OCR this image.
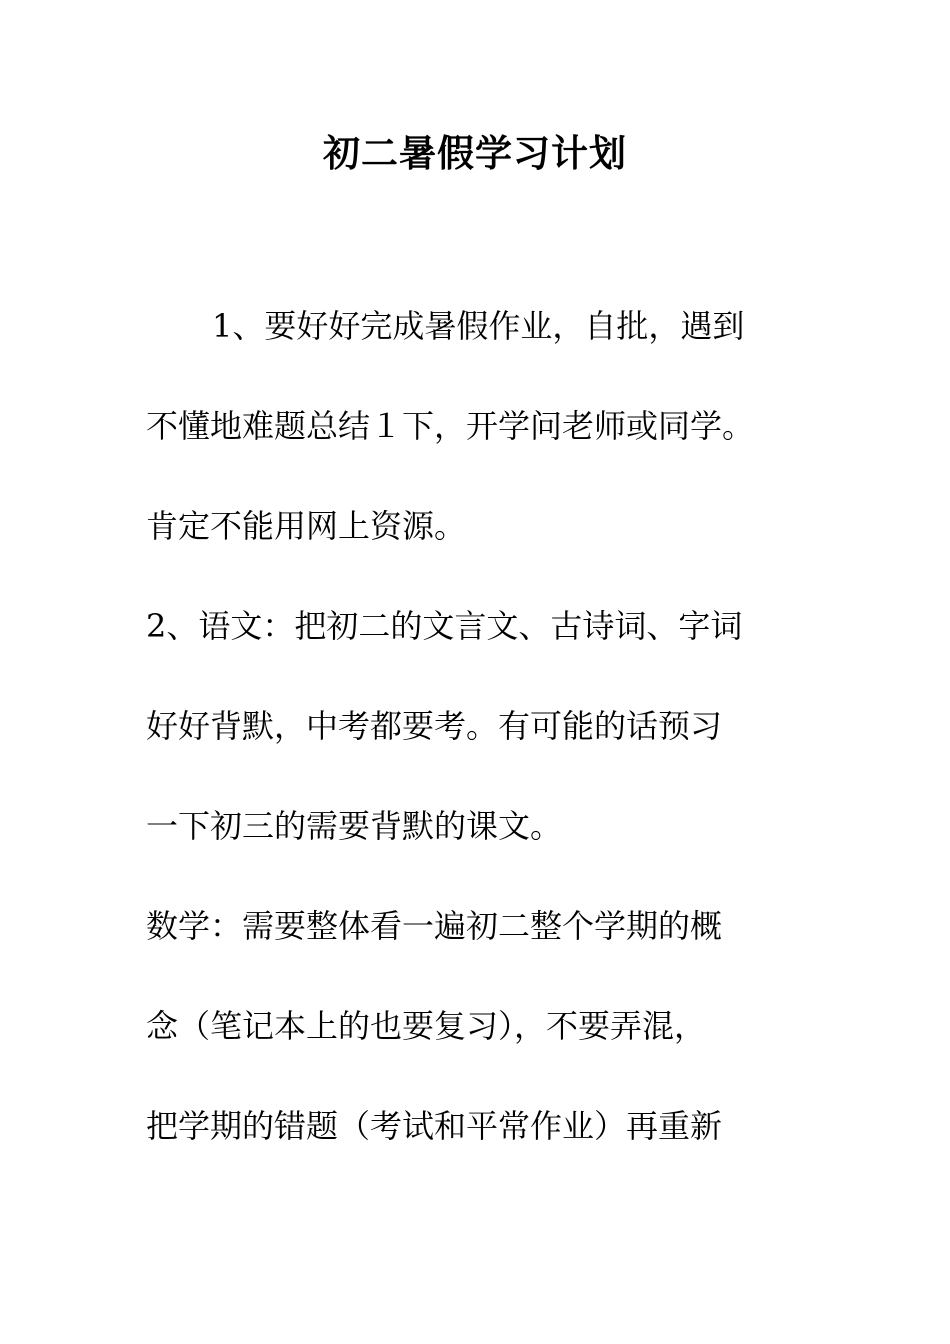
初二暑假学习计划
1、要好好完成暑假作业，自批，遇到
不懂地难题总结１下，开学问老师或同学。
肯定不能用网上资源。
2、语文：把初二的文言文、古诗词、字词
好好背默，中考都要考。有可能的话预习
一下初三的需要背默的课文。
数学：需要整体看一遍初二整个学期的概
念（笔记本上的也要复习），不要弄混，
把学期的错题（考试和平常作业）再重新
